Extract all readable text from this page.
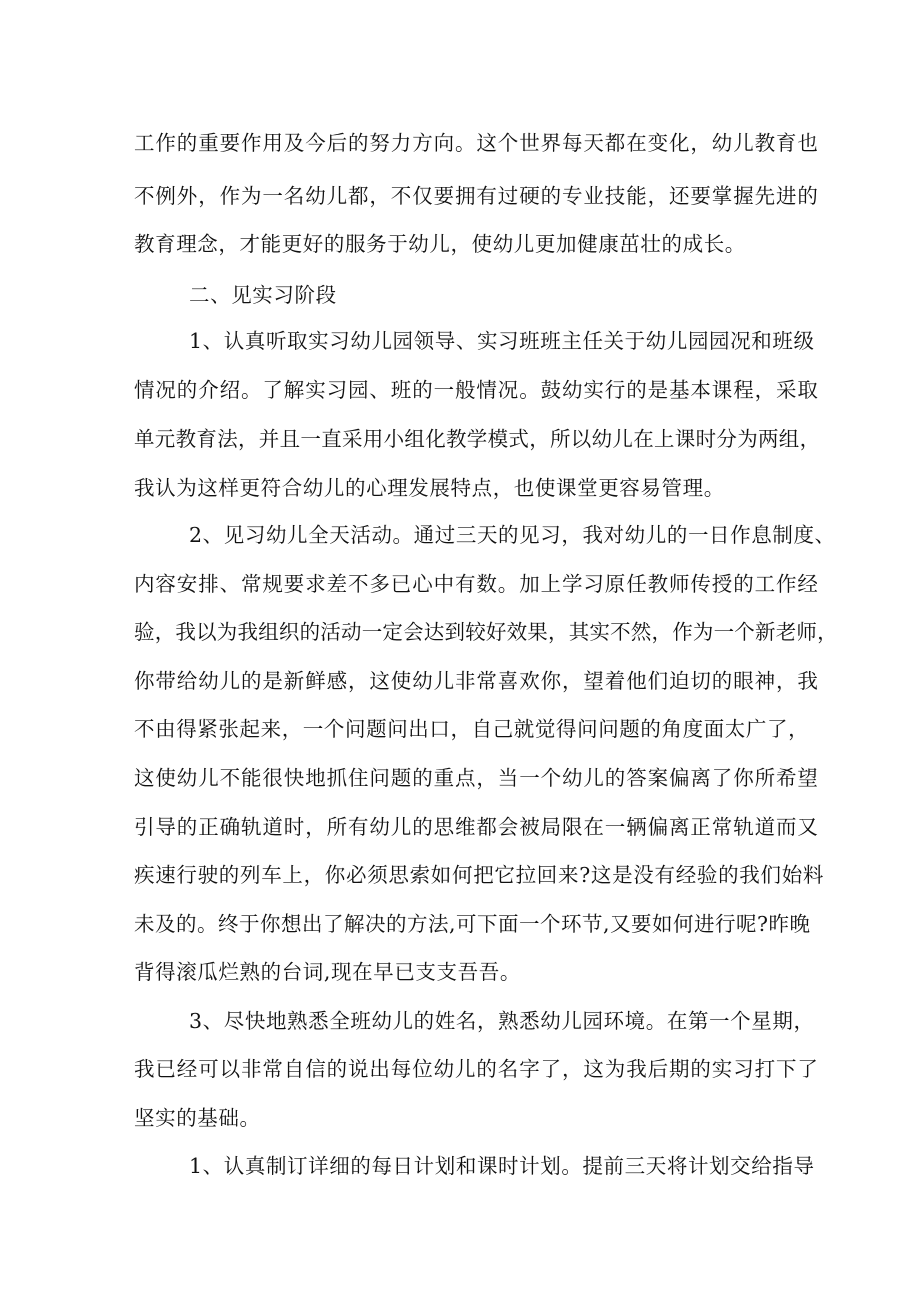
工作的重要作用及今后的努力方向。这个世界每天都在变化，幼儿教育也
不例外，作为一名幼儿都，不仅要拥有过硬的专业技能，还要掌握先进的
教育理念，才能更好的服务于幼儿，使幼儿更加健康茁壮的成长。
二、见实习阶段
1、认真听取实习幼儿园领导、实习班班主任关于幼儿园园况和班级
情况的介绍。了解实习园、班的一般情况。鼓幼实行的是基本课程，采取
单元教育法，并且一直采用小组化教学模式，所以幼儿在上课时分为两组，
我认为这样更符合幼儿的心理发展特点，也使课堂更容易管理。
2、见习幼儿全天活动。通过三天的见习，我对幼儿的一日作息制度、
内容安排、常规要求差不多已心中有数。加上学习原任教师传授的工作经
验，我以为我组织的活动一定会达到较好效果，其实不然，作为一个新老师，
你带给幼儿的是新鲜感，这使幼儿非常喜欢你，望着他们迫切的眼神，我
不由得紧张起来，一个问题问出口，自己就觉得问问题的角度面太广了，
这使幼儿不能很快地抓住问题的重点，当一个幼儿的答案偏离了你所希望
引导的正确轨道时，所有幼儿的思维都会被局限在一辆偏离正常轨道而又
疾速行驶的列车上，你必须思索如何把它拉回来?这是没有经验的我们始料
未及的。终于你想出了解决的方法,可下面一个环节,又要如何进行呢?昨晚
背得滚瓜烂熟的台词,现在早已支支吾吾。
3、尽快地熟悉全班幼儿的姓名，熟悉幼儿园环境。在第一个星期，
我已经可以非常自信的说出每位幼儿的名字了，这为我后期的实习打下了
坚实的基础。
1、认真制订详细的每日计划和课时计划。提前三天将计划交给指导
